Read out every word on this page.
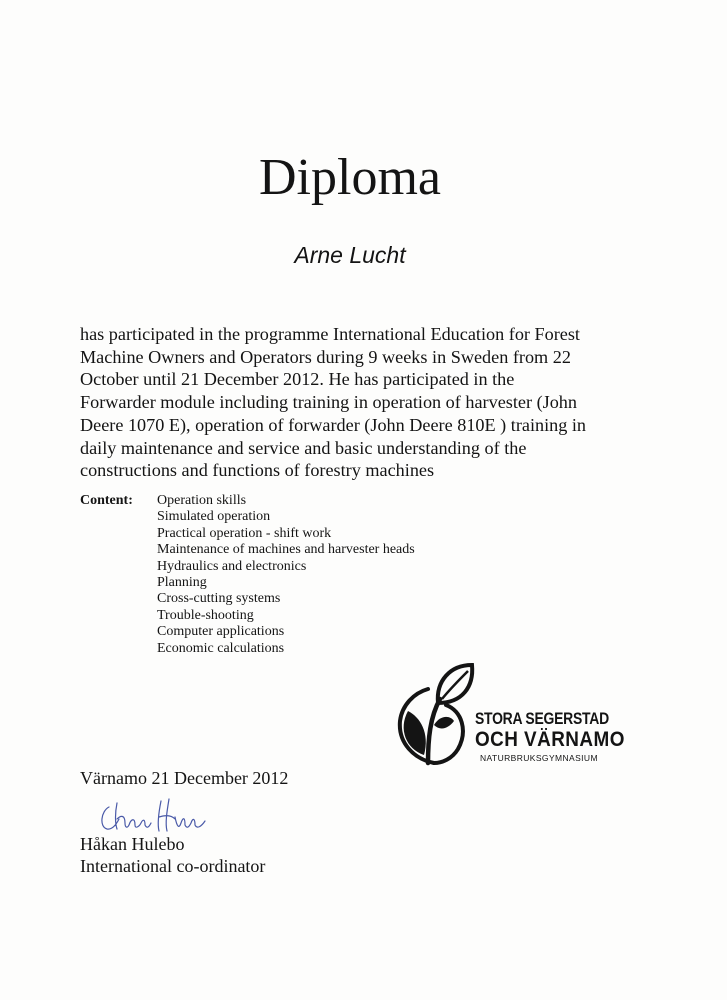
Diploma
Arne Lucht
has participated in the programme International Education for Forest
Machine Owners and Operators during 9 weeks in Sweden from 22
October until 21 December 2012. He has participated in the
Forwarder module including training in operation of harvester (John
Deere 1070 E), operation of forwarder (John Deere 810E ) training in
daily maintenance and service and basic understanding of the
constructions and functions of forestry machines
Content: Operation skills
Simulated operation
Practical operation - shift work
Maintenance of machines and harvester heads
Hydraulics and electronics
Planning
Cross-cutting systems
Trouble-shooting
Computer applications
Economic calculations
STORA SEGERSTAD
OCH VÄRNAMO
NATURBRUKSGYMNASIUM
Värnamo 21 December 2012
Håkan Hulebo
International co-ordinator
